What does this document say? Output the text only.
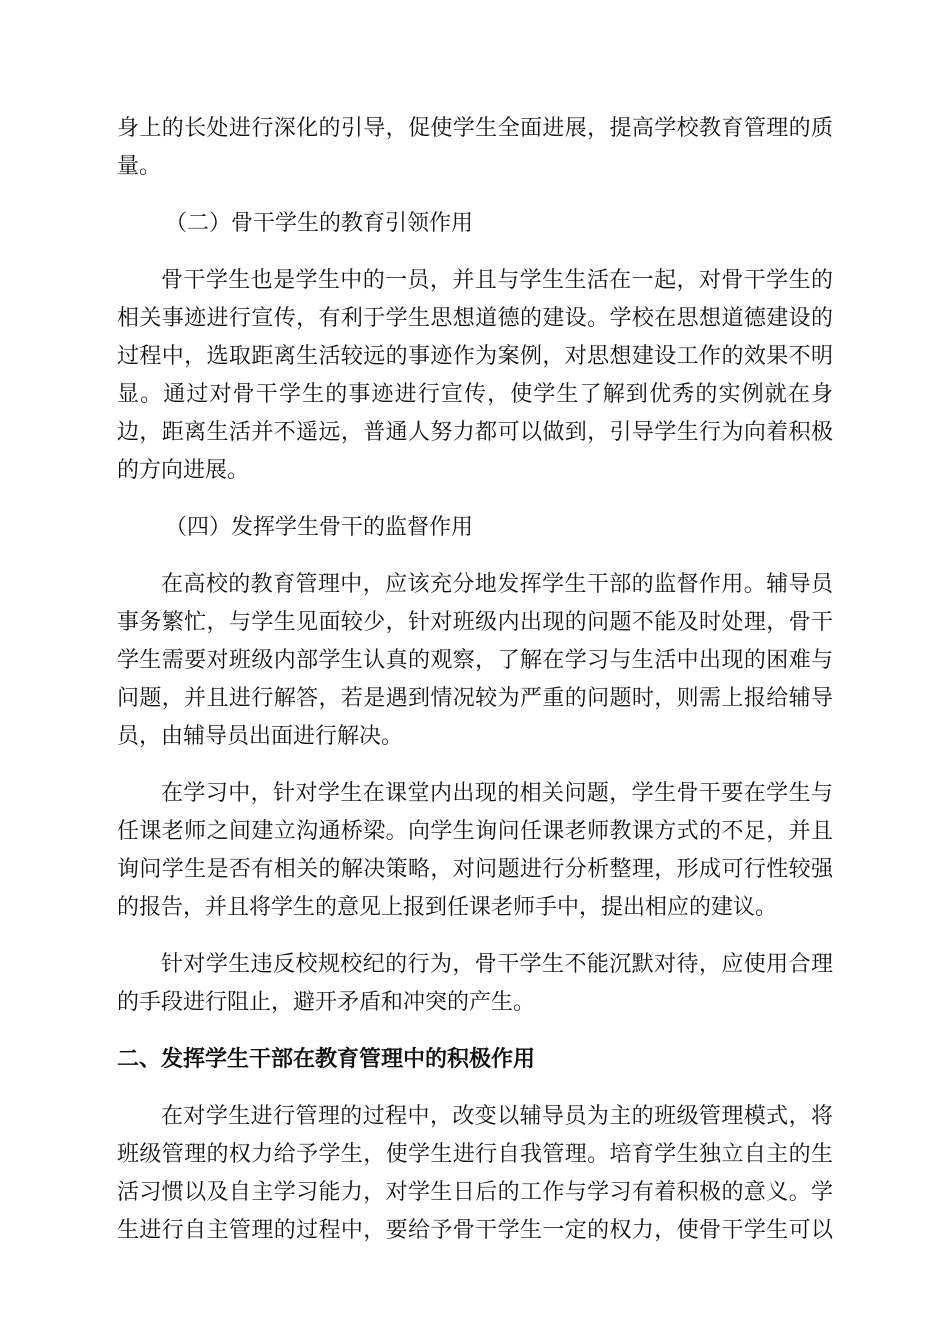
身上的长处进行深化的引导，促使学生全面进展，提高学校教育管理的质
量。
（二）骨干学生的教育引领作用
骨干学生也是学生中的一员，并且与学生生活在一起，对骨干学生的
相关事迹进行宣传，有利于学生思想道德的建设。学校在思想道德建设的
过程中，选取距离生活较远的事迹作为案例，对思想建设工作的效果不明
显。通过对骨干学生的事迹进行宣传，使学生了解到优秀的实例就在身
边，距离生活并不遥远，普通人努力都可以做到，引导学生行为向着积极
的方向进展。
（四）发挥学生骨干的监督作用
在高校的教育管理中，应该充分地发挥学生干部的监督作用。辅导员
事务繁忙，与学生见面较少，针对班级内出现的问题不能及时处理，骨干
学生需要对班级内部学生认真的观察，了解在学习与生活中出现的困难与
问题，并且进行解答，若是遇到情况较为严重的问题时，则需上报给辅导
员，由辅导员出面进行解决。
在学习中，针对学生在课堂内出现的相关问题，学生骨干要在学生与
任课老师之间建立沟通桥梁。向学生询问任课老师教课方式的不足，并且
询问学生是否有相关的解决策略，对问题进行分析整理，形成可行性较强
的报告，并且将学生的意见上报到任课老师手中，提出相应的建议。
针对学生违反校规校纪的行为，骨干学生不能沉默对待，应使用合理
的手段进行阻止，避开矛盾和冲突的产生。
二、发挥学生干部在教育管理中的积极作用
在对学生进行管理的过程中，改变以辅导员为主的班级管理模式，将
班级管理的权力给予学生，使学生进行自我管理。培育学生独立自主的生
活习惯以及自主学习能力，对学生日后的工作与学习有着积极的意义。学
生进行自主管理的过程中，要给予骨干学生一定的权力，使骨干学生可以
